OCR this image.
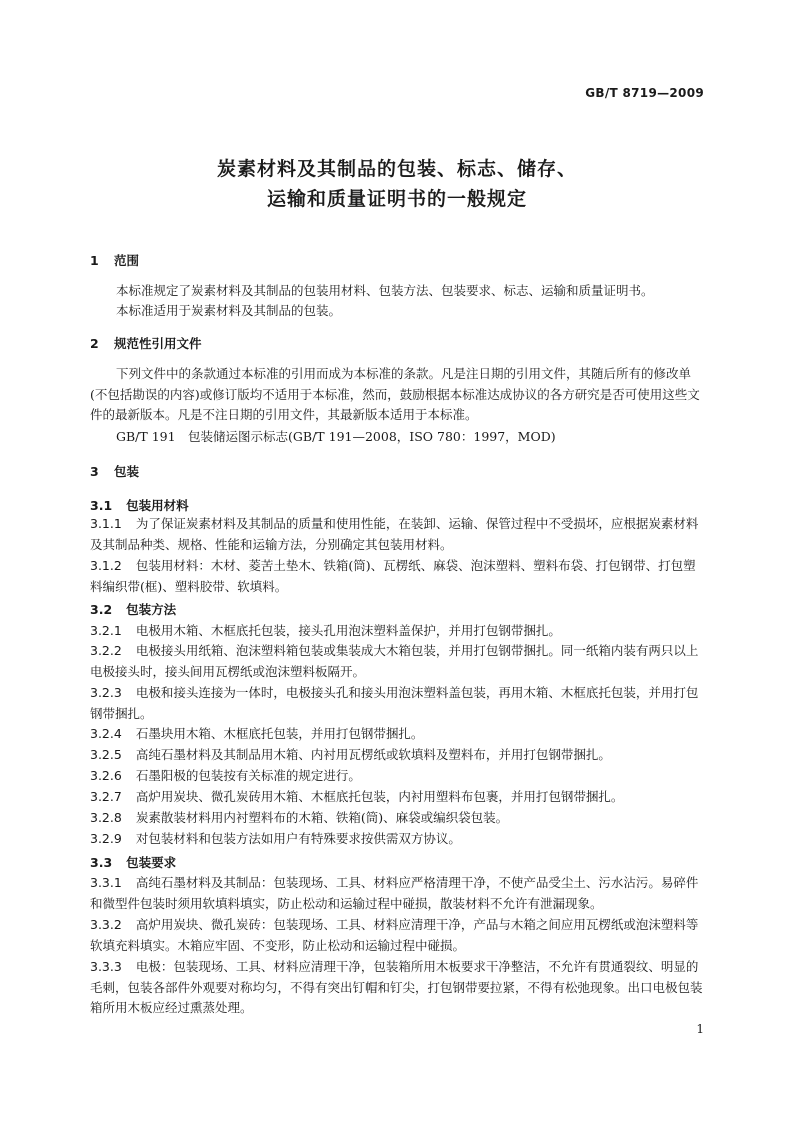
GB/T 8719—2009
炭素材料及其制品的包装、标志、储存、
运输和质量证明书的一般规定
1 范围
本标准规定了炭素材料及其制品的包装用材料、包装方法、包装要求、标志、运输和质量证明书。
本标准适用于炭素材料及其制品的包装。
2 规范性引用文件
下列文件中的条款通过本标准的引用而成为本标准的条款。凡是注日期的引用文件，其随后所有的修改单(不包括勘误的内容)或修订版均不适用于本标准，然而，鼓励根据本标准达成协议的各方研究是否可使用这些文件的最新版本。凡是不注日期的引用文件，其最新版本适用于本标准。
GB/T 191　包装储运图示标志(GB/T 191—2008，ISO 780：1997，MOD)
3 包装
3.1 包装用材料
3.1.1 为了保证炭素材料及其制品的质量和使用性能，在装卸、运输、保管过程中不受损坏，应根据炭素材料及其制品种类、规格、性能和运输方法，分别确定其包装用材料。
3.1.2 包装用材料：木材、菱苦土垫木、铁箱(筒)、瓦楞纸、麻袋、泡沫塑料、塑料布袋、打包钢带、打包塑料编织带(框)、塑料胶带、软填料。
3.2 包装方法
3.2.1 电极用木箱、木框底托包装，接头孔用泡沫塑料盖保护，并用打包钢带捆扎。
3.2.2 电极接头用纸箱、泡沫塑料箱包装或集装成大木箱包装，并用打包钢带捆扎。同一纸箱内装有两只以上电极接头时，接头间用瓦楞纸或泡沫塑料板隔开。
3.2.3 电极和接头连接为一体时，电极接头孔和接头用泡沫塑料盖包装，再用木箱、木框底托包装，并用打包钢带捆扎。
3.2.4 石墨块用木箱、木框底托包装，并用打包钢带捆扎。
3.2.5 高纯石墨材料及其制品用木箱、内衬用瓦楞纸或软填料及塑料布，并用打包钢带捆扎。
3.2.6 石墨阳极的包装按有关标准的规定进行。
3.2.7 高炉用炭块、微孔炭砖用木箱、木框底托包装，内衬用塑料布包裹，并用打包钢带捆扎。
3.2.8 炭素散装材料用内衬塑料布的木箱、铁箱(筒)、麻袋或编织袋包装。
3.2.9 对包装材料和包装方法如用户有特殊要求按供需双方协议。
3.3 包装要求
3.3.1 高纯石墨材料及其制品：包装现场、工具、材料应严格清理干净，不使产品受尘土、污水沾污。易碎件和微型件包装时须用软填料填实，防止松动和运输过程中碰损，散装材料不允许有泄漏现象。
3.3.2 高炉用炭块、微孔炭砖：包装现场、工具、材料应清理干净，产品与木箱之间应用瓦楞纸或泡沫塑料等软填充料填实。木箱应牢固、不变形，防止松动和运输过程中碰损。
3.3.3 电极：包装现场、工具、材料应清理干净，包装箱所用木板要求干净整洁，不允许有贯通裂纹、明显的毛刺，包装各部件外观要对称均匀，不得有突出钉帽和钉尖，打包钢带要拉紧，不得有松弛现象。出口电极包装箱所用木板应经过熏蒸处理。
1
